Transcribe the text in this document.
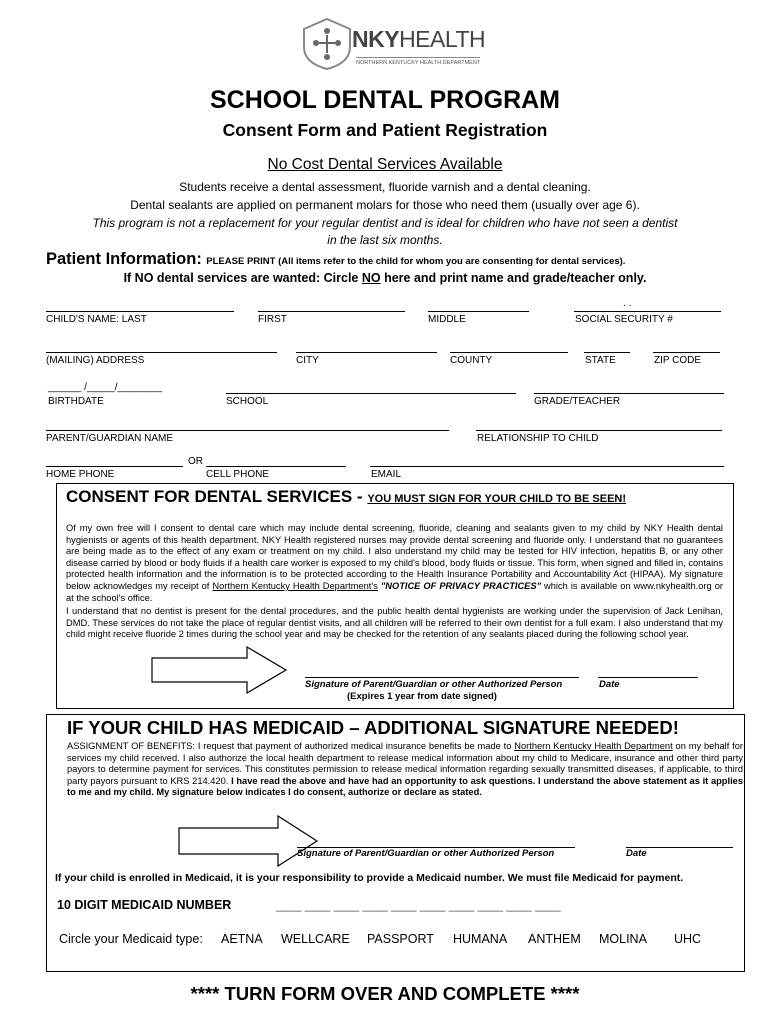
NKYHEALTH
NORTHERN KENTUCKY HEALTH DEPARTMENT
SCHOOL DENTAL PROGRAM
Consent Form and Patient Registration
No Cost Dental Services Available
Students receive a dental assessment, fluoride varnish and a dental cleaning.
Dental sealants are applied on permanent molars for those who need them (usually over age 6).
This program is not a replacement for your regular dentist and is ideal for children who have not seen a dentist
in the last six months.
Patient Information: PLEASE PRINT (All items refer to the child for whom you are consenting for dental services).
If NO dental services are wanted: Circle NO here and print name and grade/teacher only.
. .
CHILD'S NAME: LAST	FIRST	MIDDLE	SOCIAL SECURITY #
(MAILING) ADDRESS	CITY	COUNTY	STATE	ZIP CODE
______ /_____/________
BIRTHDATE	SCHOOL	GRADE/TEACHER
PARENT/GUARDIAN NAME	RELATIONSHIP TO CHILD
OR
HOME PHONE	CELL PHONE	EMAIL
CONSENT FOR DENTAL SERVICES - YOU MUST SIGN FOR YOUR CHILD TO BE SEEN!
Of my own free will I consent to dental care which may include dental screening, fluoride, cleaning and sealants given to my child by NKY Health dental hygienists or agents of this health department. NKY Health registered nurses may provide dental screening and fluoride only. I understand that no guarantees are being made as to the effect of any exam or treatment on my child. I also understand my child may be tested for HIV infection, hepatitis B, or any other disease carried by blood or body fluids if a health care worker is exposed to my child's blood, body fluids or tissue. This form, when signed and filled in, contains protected health information and the information is to be protected according to the Health Insurance Portability and Accountability Act (HIPAA). My signature below acknowledges my receipt of Northern Kentucky Health Department's "NOTICE OF PRIVACY PRACTICES" which is available on www.nkyhealth.org or at the school's office.
I understand that no dentist is present for the dental procedures, and the public health dental hygienists are working under the supervision of Jack Lenihan, DMD. These services do not take the place of regular dentist visits, and all children will be referred to their own dentist for a full exam. I also understand that my child might receive fluoride 2 times during the school year and may be checked for the retention of any sealants placed during the following school year.
Signature of Parent/Guardian or other Authorized Person	Date
(Expires 1 year from date signed)
IF YOUR CHILD HAS MEDICAID – ADDITIONAL SIGNATURE NEEDED!
ASSIGNMENT OF BENEFITS: I request that payment of authorized medical insurance benefits be made to Northern Kentucky Health Department on my behalf for services my child received. I also authorize the local health department to release medical information about my child to Medicare, insurance and other third party payors to determine payment for services. This constitutes permission to release medical information regarding sexually transmitted diseases, if applicable, to third party payors pursuant to KRS 214.420. I have read the above and have had an opportunity to ask questions. I understand the above statement as it applies to me and my child. My signature below indicates I do consent, authorize or declare as stated.
Signature of Parent/Guardian or other Authorized Person	Date
If your child is enrolled in Medicaid, it is your responsibility to provide a Medicaid number. We must file Medicaid for payment.
10 DIGIT MEDICAID NUMBER	____ ____ ____ ____ ____ ____ ____ ____ ____ ____
Circle your Medicaid type: AETNA WELLCARE PASSPORT HUMANA ANTHEM MOLINA UHC
**** TURN FORM OVER AND COMPLETE ****
